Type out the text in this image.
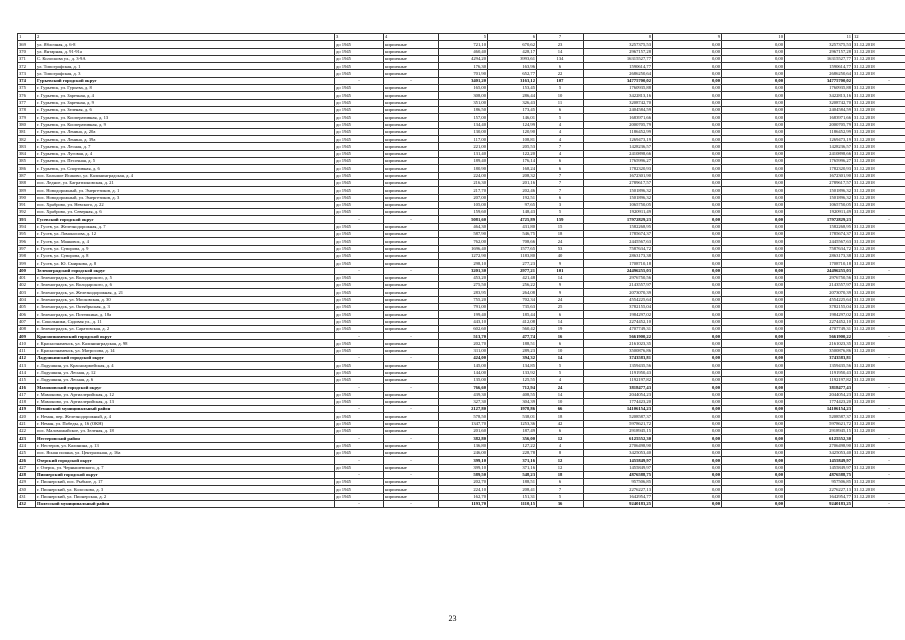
1	2	3	4	5	6	7	8	9	10	11	12
369	ул. Яблочная, д. 6-8	до 1945	кирпичные	721,10	670,62	23	3257375,53	0,00	0,00	3257375,53	31.12.2018
370	ул. Янтарная, д. 91-91а	до 1945	кирпичные	460,40	428,17	14	2967157,28	0,00	0,00	2967157,28	31.12.2018
371	С. Колоскова ул., д. 3-9А	до 1945	кирпичные	4294,20	3993,61	134	16315527,77	0,00	0,00	16315527,77	31.12.2018
372	ул. Типографская, д. 1	до 1945	кирпичные	176,30	163,96	6	1590614,77	0,00	0,00	1590614,77	31.12.2018
373	ул. Типографская, д. 3	до 1945	кирпичные	701,90	652,77	22	2686250,64	0,00	0,00	2686250,64	31.12.2018
374	Гурьевский городской округ	-	-	3401,20	3163,12	107	34775700,02	0,00	0,00	34775700,02	-
375	г. Гурьевск, ул. Гурьева, д. 8	до 1945	кирпичные	165,00	153,45	5	1760935,88	0,00	0,00	1760935,88	31.12.2018
376	г. Гурьевск, ул. Заречная, д. 4	до 1945	кирпичные	308,00	286,44	10	3422813,16	0,00	0,00	3422813,16	31.12.2018
377	г. Гурьевск, ул. Заречная, д. 9	до 1945	кирпичные	351,00	326,43	11	3208742,70	0,00	0,00	3208742,70	31.12.2018
378	г. Гурьевск, ул. Зеленая, д. 6	до 1945	кирпичные	186,50	173,45	6	2404584,59	0,00	0,00	2404584,59	31.12.2018
379	г. Гурьевск, ул. Кооперативная, д. 13	до 1945	кирпичные	157,00	146,01	5	1683971,66	0,00	0,00	1683971,66	31.12.2018
380	г. Гурьевск, ул. Кооперативная, д. 9	до 1945	кирпичные	134,40	124,99	4	2000705,79	0,00	0,00	2000705,79	31.12.2018
381	г. Гурьевск, ул. Ленина, д. 20а	до 1945	кирпичные	130,00	120,90	4	1186452,99	0,00	0,00	1186452,99	31.12.2018
382	г. Гурьевск, ул. Ленина, д. 39а	до 1945	кирпичные	117,00	108,81	4	1269473,19	0,00	0,00	1269473,19	31.12.2018
383	г. Гурьевск, ул. Лесная, д. 7	до 1945	кирпичные	221,00	205,53	7	1428236,57	0,00	0,00	1428236,57	31.12.2018
384	г. Гурьевск, ул. Луговая, д. 4	до 1945	кирпичные	131,40	122,20	4	2410898,66	0,00	0,00	2410898,66	31.12.2018
385	г. Гурьевск, ул. Песочная, д. 5	до 1945	кирпичные	189,40	176,14	6	1765996,27	0,00	0,00	1765996,27	31.12.2018
386	г. Гурьевск, ул. Спортивная, д. 6	до 1945	кирпичные	180,90	168,24	6	1782320,93	0,00	0,00	1782320,93	31.12.2018
387	пос. Большое Исаково, ул. Калининградская, д. 4	до 1945	кирпичные	224,00	208,32	7	1672301,90	0,00	0,00	1672301,90	31.12.2018
388	пос. Ледное, ул. Багратионовская, д. 21	до 1945	кирпичные	216,30	201,16	7	2789617,57	0,00	0,00	2789617,57	31.12.2018
389	пос. Новодорожный, ул. Энергетиков, д. 1	до 1945	кирпичные	217,70	202,46	7	1501896,32	0,00	0,00	1501896,32	31.12.2018
390	пос. Новодорожный, ул. Энергетиков, д. 3	до 1945	кирпичные	207,00	192,51	6	1501896,32	0,00	0,00	1501896,32	31.12.2018
391	пос. Храброво, ул. Невского, д. 22	до 1945	кирпичные	105,00	97,65	3	1065750,05	0,00	0,00	1065750,05	31.12.2018
392	пос. Храброво, ул. Северная, д. 6	до 1945	кирпичные	159,60	148,43	5	1920911,49	0,00	0,00	1920911,49	31.12.2018
393	Гусевский городской округ	-	-	5081,60	4725,89	159	17972829,23	0,00	0,00	17972829,23	-
394	г. Гусев, ул. Железнодорожная, д. 7	до 1945	кирпичные	464,30	431,80	15	1582268,95	0,00	0,00	1582268,95	31.12.2018
395	г. Гусев, ул. Ломоносова, д. 12	до 1945	кирпичные	587,90	546,75	18	1785674,37	0,00	0,00	1785674,37	31.12.2018
396	г. Гусев, ул. Маяковск, д. 4	до 1945	кирпичные	762,00	708,66	24	2445567,63	0,00	0,00	2445567,63	31.12.2018
397	г. Гусев, ул. Суворова, д. 9	до 1945	кирпичные	1696,40	1577,65	53	7587634,72	0,00	0,00	7587634,72	31.12.2018
398	г. Гусев, ул. Суворова, д. 8	до 1945	кирпичные	1272,90	1183,80	40	2863173,38	0,00	0,00	2863173,38	31.12.2018
399	г. Гусев, ул. Ю. Смиркова, д. 8	до 1945	кирпичные	298,10	277,23	9	1708710,18	0,00	0,00	1708710,18	31.12.2018
400	Зеленоградский городской округ	-	-	3201,30	2977,21	101	24496255,03	0,00	0,00	24496255,03	-
401	г. Зеленоградск, ул. Володарского, д. 5	до 1945	кирпичные	453,20	421,48	14	2976750,56	0,00	0,00	2976750,56	31.12.2018
402	г. Зеленоградск, ул. Володарского, д. 6	до 1945	кирпичные	275,50	256,22	9	2143557,97	0,00	0,00	2143557,97	31.12.2018
403	г. Зеленоградск, ул. Железнодорожная, д. 21	до 1945	кирпичные	283,95	264,08	9	2073070,39	0,00	0,00	2073070,39	31.12.2018
404	г. Зеленоградск, ул. Московская, д. 30	до 1945	кирпичные	755,20	702,34	24	4554225,64	0,00	0,00	4554225,64	31.12.2018
405	г. Зеленоградск, ул. Октябрьская, д. 3	до 1945	кирпичные	791,00	735,63	25	3782155,04	0,00	0,00	3782155,04	31.12.2018
406	г. Зеленоградск, ул. Потемкина, д. 18а	до 1945	кирпичные	199,40	185,44	6	1984297,02	0,00	0,00	1984297,02	31.12.2018
407	п. Сокольники, Садовая ул., д. 11	до 1945	кирпичные	443,10	412,08	14	2274452,10	0,00	0,00	2274452,10	31.12.2018
408	г. Зеленоградск, ул. Саратовская, д. 2	до 1945	кирпичные	602,60	560,42	19	4707749,31	0,00	0,00	4707749,31	31.12.2018
409	Краснознаменский городской округ	-	-	513,70	477,74	16	5661900,22	0,00	0,00	5661900,22	-
410	г. Краснознаменск, ул. Калининградская, д. 98	до 1945	кирпичные	202,70	188,51	6	2161023,35	0,00	0,00	2161023,35	31.12.2018
411	г. Краснознаменск, ул. Матросова, д. 14	до 1945	кирпичные	311,00	289,23	10	3500876,86	0,00	0,00	3500876,86	31.12.2018
412	Ладушкинский городской округ	-	-	424,00	394,32	14	3743583,81	0,00	0,00	3743583,81	-
413	г. Ладушкин, ул. Красноармейская, д. 4	до 1945	кирпичные	145,00	134,85	5	1359435,56	0,00	0,00	1359435,56	31.12.2018
414	г. Ладушкин, ул. Лесная, д. 12	до 1945	кирпичные	144,00	133,92	5	1191950,43	0,00	0,00	1191950,43	31.12.2018
415	г. Ладушкин, ул. Лесная, д. 6	до 1945	кирпичные	135,00	125,55	4	1192197,82	0,00	0,00	1192197,82	31.12.2018
416	Мамоновский городской округ	-	-	766,60	712,94	24	3818477,43	0,00	0,00	3818477,43	-
417	г. Мамоново, ул. Артиллерийская, д. 12	до 1945	кирпичные	439,30	408,55	14	2044054,23	0,00	0,00	2044054,23	31.12.2018
418	г. Мамоново, ул. Артиллерийская, д. 13	до 1945	кирпичные	327,30	304,39	10	1774423,20	0,00	0,00	1774423,20	31.12.2018
419	Неманский муниципальный район	-	-	2127,80	1978,86	66	14106154,23	0,00	0,00	14106154,23	-
420	г. Неман, пер. Железнодорожный, д. 4	до 1945	кирпичные	578,50	538,01	18	5208587,37	0,00	0,00	5208587,37	31.12.2018
421	г. Неман, ул. Победы, д. 16 (ОКН)	до 1945	кирпичные	1347,70	1253,36	42	5978621,72	0,00	0,00	5978621,72	31.12.2018
422	пос. Маломожайское, ул. Зеленая, д. 18	до 1945	кирпичные	201,60	187,49	6	2918945,15	0,00	0,00	2918945,15	31.12.2018
423	Нестеровский район	-	-	382,80	356,00	12	6125552,30	0,00	0,00	6125552,30	-
424	г. Нестеров, ул. Калинина, д. 13	до 1945	кирпичные	136,80	127,22	4	2706498,90	0,00	0,00	2706498,90	31.12.2018
425	пос. Ясная поляна, ул. Центральная, д. 16а	до 1945	кирпичные	246,00	228,78	8	3425053,40	0,00	0,00	3425053,40	31.12.2018
426	Озерский городской округ	-	-	399,10	371,16	12	1455849,97	0,00	0,00	1455849,97	-
427	г. Озерск, ул. Чернышевского, д. 7	до 1945	кирпичные	399,10	371,16	12	1455849,97	0,00	0,00	1455849,97	31.12.2018
428	Пионерский городской округ	-	-	589,50	548,23	18	4876588,75	0,00	0,00	4876588,75	-
429	г. Пионерский, пос. Рыбное, д. 17	до 1945	кирпичные	202,70	188,51	6	957506,85	0,00	0,00	957506,85	31.12.2018
430	г. Пионерский, ул. Колоскова, д. 3	до 1945	кирпичные	224,10	208,41	7	2276227,13	0,00	0,00	2276227,13	31.12.2018
431	г. Пионерский, ул. Пионерская, д. 2	до 1945	кирпичные	162,70	151,31	5	1642954,77	0,00	0,00	1642954,77	31.12.2018
432	Полесский муниципальный район	-	-	1193,70	1110,15	36	9240183,25	0,00	0,00	9240183,25	-
23
